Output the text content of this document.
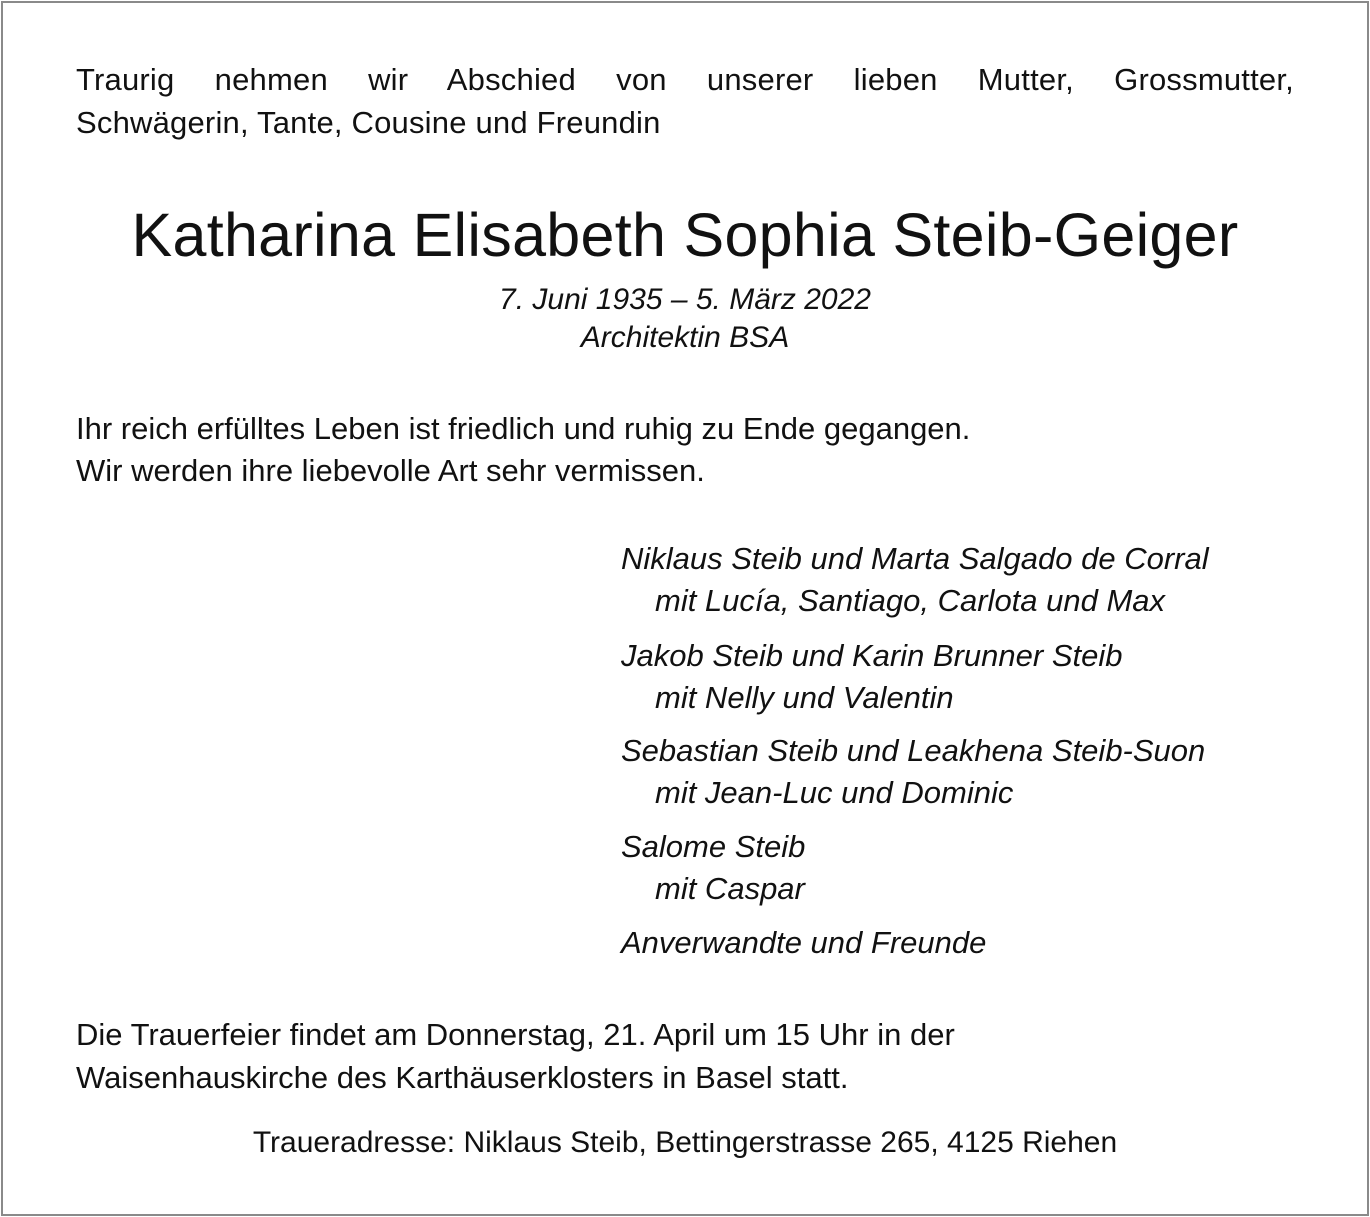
Traurig nehmen wir Abschied von unserer lieben Mutter, Grossmutter,
Schwägerin, Tante, Cousine und Freundin
Katharina Elisabeth Sophia Steib-Geiger
7. Juni 1935 – 5. März 2022
Architektin BSA
Ihr reich erfülltes Leben ist friedlich und ruhig zu Ende gegangen.
Wir werden ihre liebevolle Art sehr vermissen.
Niklaus Steib und Marta Salgado de Corral
mit Lucía, Santiago, Carlota und Max
Jakob Steib und Karin Brunner Steib
mit Nelly und Valentin
Sebastian Steib und Leakhena Steib-Suon
mit Jean-Luc und Dominic
Salome Steib
mit Caspar
Anverwandte und Freunde
Die Trauerfeier findet am Donnerstag, 21. April um 15 Uhr in der
Waisenhauskirche des Karthäuserklosters in Basel statt.
Traueradresse: Niklaus Steib, Bettingerstrasse 265, 4125 Riehen
